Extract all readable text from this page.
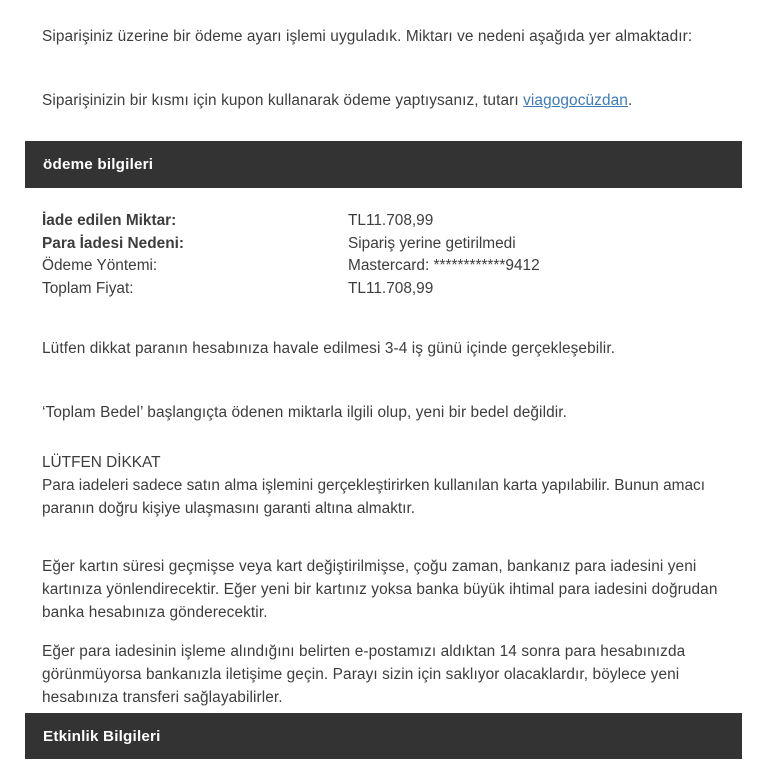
Siparişiniz üzerine bir ödeme ayarı işlemi uyguladık. Miktarı ve nedeni aşağıda yer almaktadır:

Siparişinizin bir kısmı için kupon kullanarak ödeme yaptıysanız, tutarı viagogocüzdan.

ödeme bilgileri
İade edilen Miktar:	TL11.708,99
Para İadesi Nedeni:	Sipariş yerine getirilmedi
Ödeme Yöntemi:	Mastercard: ************9412
Toplam Fiyat:	TL11.708,99

Lütfen dikkat paranın hesabınıza havale edilmesi 3-4 iş günü içinde gerçekleşebilir.

‘Toplam Bedel’ başlangıçta ödenen miktarla ilgili olup, yeni bir bedel değildir.

LÜTFEN DİKKAT
Para iadeleri sadece satın alma işlemini gerçekleştirirken kullanılan karta yapılabilir. Bunun amacı paranın doğru kişiye ulaşmasını garanti altına almaktır.

Eğer kartın süresi geçmişse veya kart değiştirilmişse, çoğu zaman, bankanız para iadesini yeni kartınıza yönlendirecektir. Eğer yeni bir kartınız yoksa banka büyük ihtimal para iadesini doğrudan banka hesabınıza gönderecektir.

Eğer para iadesinin işleme alındığını belirten e-postamızı aldıktan 14 sonra para hesabınızda görünmüyorsa bankanızla iletişime geçin. Parayı sizin için saklıyor olacaklardır, böylece yeni hesabınıza transferi sağlayabilirler.

Etkinlik Bilgileri
